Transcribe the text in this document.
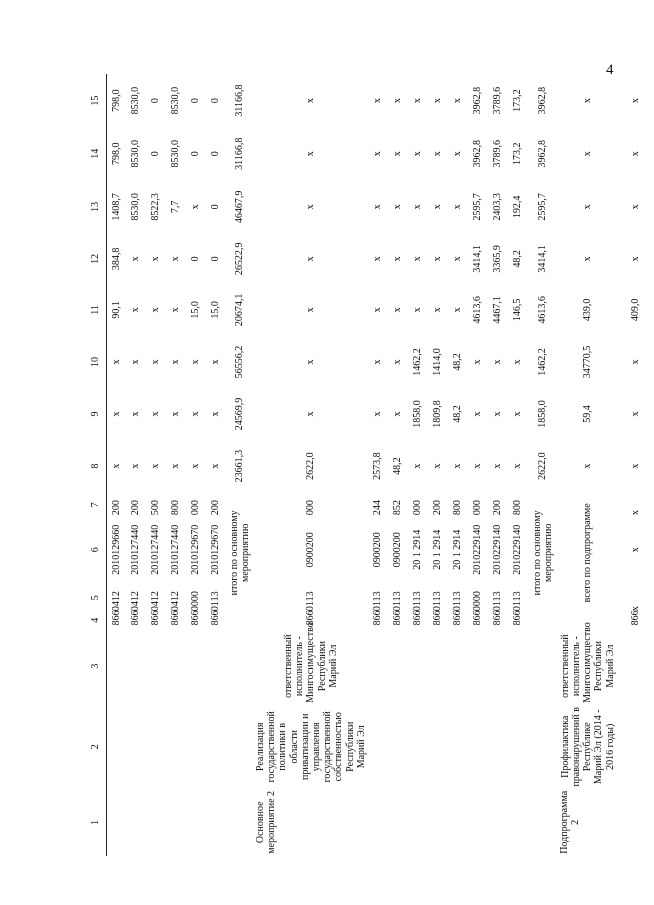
4
1	2	3	4	5	6	7	8	9	10	11	12	13	14	15
			866	0412	2010129660	200	x	x	x	90,1	384,8	1408,7	798,0	798,0
			866	0412	2010127440	200	x	x	x	x	x	8530,0	8530,0	8530,0
			866	0412	2010127440	500	x	x	x	x	x	8522,3	0	0
			866	0412	2010127440	800	x	x	x	x	x	7,7	8530,0	8530,0
			866	0000	2010129670	000	x	x	x	15,0	0	x	0	0
			866	0113	2010129670	200	x	x	x	15,0	0	0	0	0
				итого по основному мероприятию			23661,3	24569,9	56556,2	20674,1	26522,9	46467,9	31166,8	31166,8
Основное мероприятие 2	Реализация государственной политики в области приватизации и управления государственной собственностью Республики Марий Эл	ответственный исполнитель - Мингосимущество Республики Марий Эл	866	0113	0900200	000	2622,0	x	x	x	x	x	x	x
			866	0113	0900200	244	2573,8	x	x	x	x	x	x	x
			866	0113	0900200	852	48,2	x	x	x	x	x	x	x
			866	0113	20 1 2914	000	x	1858,0	1462,2	x	x	x	x	x
			866	0113	20 1 2914	200	x	1809,8	1414,0	x	x	x	x	x
			866	0113	20 1 2914	800	x	48,2	48,2	x	x	x	x	x
			866	0000	2010229140	000	x	x	x	4613,6	3414,1	2595,7	3962,8	3962,8
			866	0113	2010229140	200	x	x	x	4467,1	3365,9	2403,3	3789,6	3789,6
			866	0113	2010229140	800	x	x	x	146,5	48,2	192,4	173,2	173,2
				итого по основному мероприятию			2622,0	1858,0	1462,2	4613,6	3414,1	2595,7	3962,8	3962,8
Подпрограмма 2	Профилактика правонарушений в Республике Марий Эл (2014 - 2016 годы)	ответственный исполнитель - Мингосимущество Республики Марий Эл		всего по подпрограмме			x	59,4	34770,5	439,0	x	x	x	x
			866	x	x	x	x	x	x	409,0	x	x	x	x
